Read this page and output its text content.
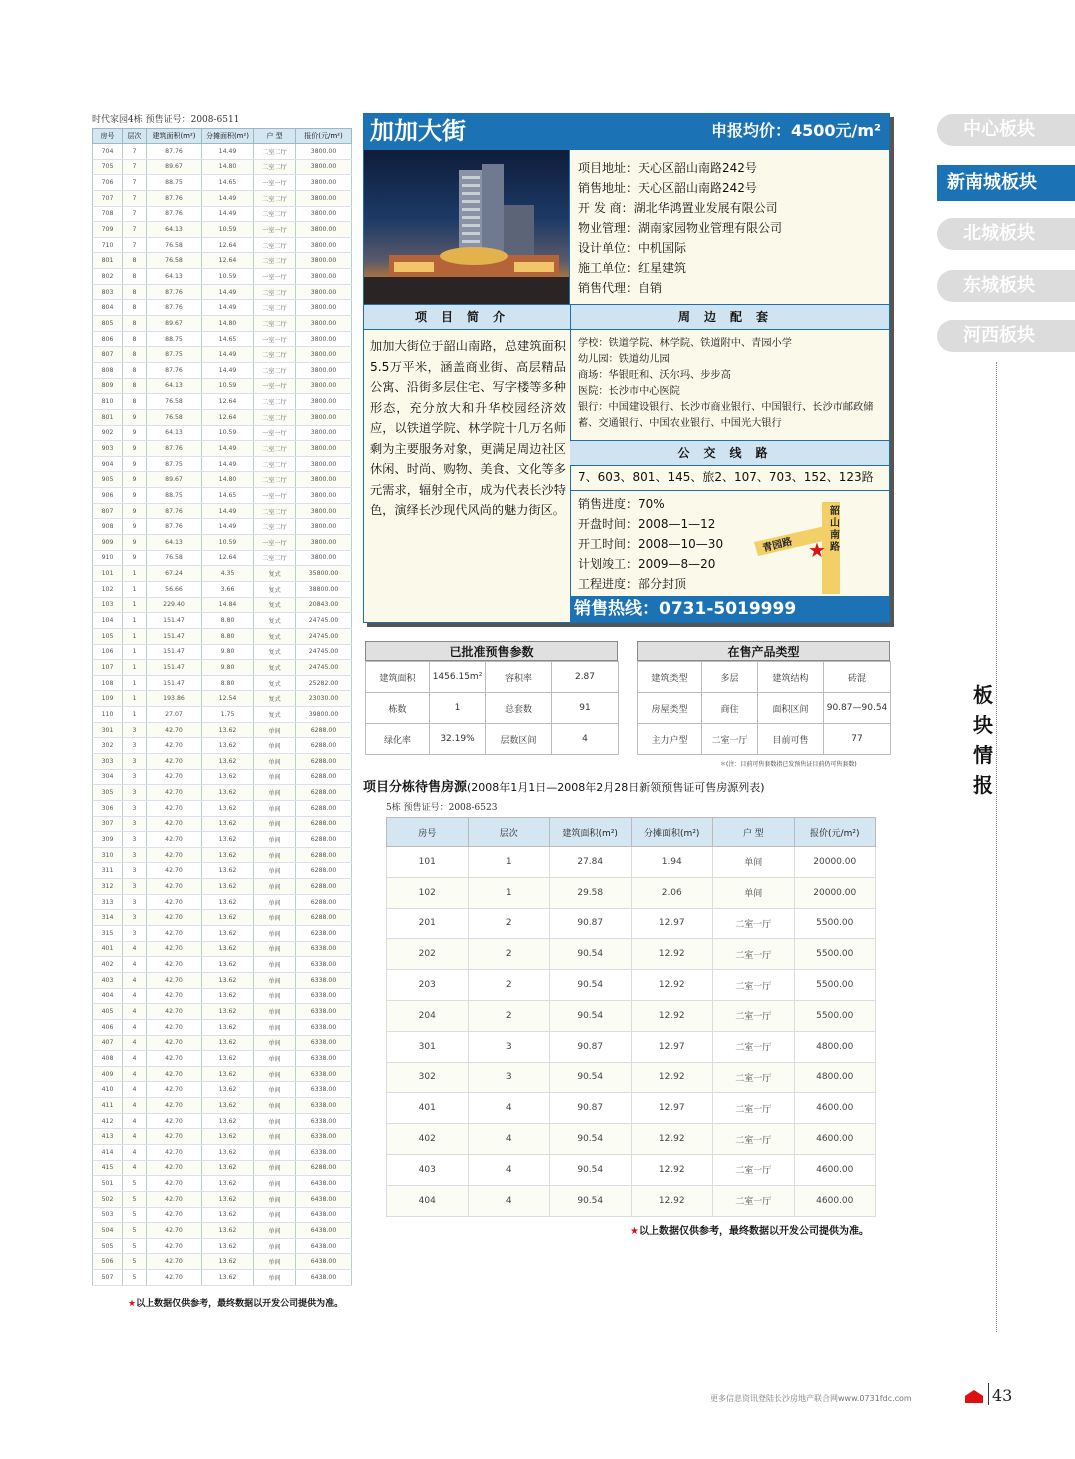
时代家园4栋 预售证号：2008-6511
房号	层次	建筑面积(m²)	分摊面积(m²)	户 型	报价(元/m²)
704	7	87.76	14.49	二室二厅	3800.00
705	7	89.67	14.80	二室二厅	3800.00
706	7	88.75	14.65	一室一厅	3800.00
707	7	87.76	14.49	二室二厅	3800.00
708	7	87.76	14.49	二室二厅	3800.00
709	7	64.13	10.59	一室一厅	3800.00
710	7	76.58	12.64	二室二厅	3800.00
801	8	76.58	12.64	二室二厅	3800.00
802	8	64.13	10.59	一室一厅	3800.00
803	8	87.76	14.49	二室二厅	3800.00
804	8	87.76	14.49	二室二厅	3800.00
805	8	89.67	14.80	二室二厅	3800.00
806	8	88.75	14.65	一室一厅	3800.00
807	8	87.75	14.49	二室二厅	3800.00
808	8	87.76	14.49	二室二厅	3800.00
809	8	64.13	10.59	一室一厅	3800.00
810	8	76.58	12.64	二室二厅	3800.00
801	9	76.58	12.64	二室二厅	3800.00
902	9	64.13	10.59	一室一厅	3800.00
903	9	87.76	14.49	二室二厅	3800.00
904	9	87.75	14.49	二室二厅	3800.00
905	9	89.67	14.80	二室二厅	3800.00
906	9	88.75	14.65	一室一厅	3800.00
807	9	87.76	14.49	二室二厅	3800.00
908	9	87.76	14.49	二室二厅	3800.00
909	9	64.13	10.59	一室一厅	3800.00
910	9	76.58	12.64	二室二厅	3800.00
101	1	67.24	4.35	复式	35800.00
102	1	56.66	3.66	复式	38800.00
103	1	229.40	14.84	复式	20843.00
104	1	151.47	8.80	复式	24745.00
105	1	151.47	8.80	复式	24745.00
106	1	151.47	9.80	复式	24745.00
107	1	151.47	9.80	复式	24745.00
108	1	151.47	8.80	复式	25282.00
109	1	193.86	12.54	复式	23030.00
110	1	27.07	1.75	复式	39800.00
301	3	42.70	13.62	单间	6288.00
302	3	42.70	13.62	单间	6288.00
303	3	42.70	13.62	单间	6288.00
304	3	42.70	13.62	单间	6288.00
305	3	42.70	13.62	单间	6288.00
306	3	42.70	13.62	单间	6288.00
307	3	42.70	13.62	单间	6288.00
309	3	42.70	13.62	单间	6288.00
310	3	42.70	13.62	单间	6288.00
311	3	42.70	13.62	单间	6288.00
312	3	42.70	13.62	单间	6288.00
313	3	42.70	13.62	单间	6288.00
314	3	42.70	13.62	单间	6288.00
315	3	42.70	13.62	单间	6238.00
401	4	42.70	13.62	单间	6338.00
402	4	42.70	13.62	单间	6338.00
403	4	42.70	13.62	单间	6338.00
404	4	42.70	13.62	单间	6338.00
405	4	42.70	13.62	单间	6338.00
406	4	42.70	13.62	单间	6338.00
407	4	42.70	13.62	单间	6338.00
408	4	42.70	13.62	单间	6338.00
409	4	42.70	13.62	单间	6338.00
410	4	42.70	13.62	单间	6338.00
411	4	42.70	13.62	单间	6338.00
412	4	42.70	13.62	单间	6338.00
413	4	42.70	13.62	单间	6338.00
414	4	42.70	13.62	单间	6338.00
415	4	42.70	13.62	单间	6288.00
501	5	42.70	13.62	单间	6438.00
502	5	42.70	13.62	单间	6438.00
503	5	42.70	13.62	单间	6438.00
504	5	42.70	13.62	单间	6438.00
505	5	42.70	13.62	单间	6438.00
506	5	42.70	13.62	单间	6438.00
507	5	42.70	13.62	单间	6438.00
★以上数据仅供参考，最终数据以开发公司提供为准。
加加大街	申报均价：4500元/m²
项目地址：天心区韶山南路242号
销售地址：天心区韶山南路242号
开 发 商：湖北华鸿置业发展有限公司
物业管理：湖南家园物业管理有限公司
设计单位：中机国际
施工单位：红星建筑
销售代理：自销
项目简介	周边配套
加加大街位于韶山南路，总建筑面积5.5万平米，涵盖商业街、高层精品公寓、沿街多层住宅、写字楼等多种形态，充分放大和升华校园经济效应，以铁道学院、林学院十几万名师剩为主要服务对象，更满足周边社区休闲、时尚、购物、美食、文化等多元需求，辐射全市，成为代表长沙特色，演绎长沙现代风尚的魅力街区。
学校：铁道学院、林学院、铁道附中、青园小学
幼儿园：铁道幼儿园
商场：华银旺和、沃尔玛、步步高
医院：长沙市中心医院
银行：中国建设银行、长沙市商业银行、中国银行、长沙市邮政储蓄、交通银行、中国农业银行、中国光大银行
公交线路
7、603、801、145、旅2、107、703、152、123路
销售进度：70%
开盘时间：2008—1—12
开工时间：2008—10—30
计划竣工：2009—8—20
工程进度：部分封顶
青园路
韶山南路
★
销售热线：0731-5019999
已批准预售参数
建筑面积	1456.15m²	容积率	2.87
栋数	1	总套数	91
绿化率	32.19%	层数区间	4
在售产品类型
建筑类型	多层	建筑结构	砖混
房屋类型	商住	面积区间	90.87—90.54
主力户型	二室一厅	目前可售	77
＊(注：目前可售套数指已发预售证目前仍可售套数)
项目分栋待售房源(2008年1月1日—2008年2月28日新领预售证可售房源列表)
5栋 预售证号：2008-6523
房号	层次	建筑面积(m²)	分摊面积(m²)	户 型	报价(元/m²)
101	1	27.84	1.94	单间	20000.00
102	1	29.58	2.06	单间	20000.00
201	2	90.87	12.97	二室一厅	5500.00
202	2	90.54	12.92	二室一厅	5500.00
203	2	90.54	12.92	二室一厅	5500.00
204	2	90.54	12.92	二室一厅	5500.00
301	3	90.87	12.97	二室一厅	4800.00
302	3	90.54	12.92	二室一厅	4800.00
401	4	90.87	12.97	二室一厅	4600.00
402	4	90.54	12.92	二室一厅	4600.00
403	4	90.54	12.92	二室一厅	4600.00
404	4	90.54	12.92	二室一厅	4600.00
★以上数据仅供参考，最终数据以开发公司提供为准。
中心板块
新南城板块
北城板块
东城板块
河西板块
板
块
情
报
更多信息资讯登陆长沙房地产联合网www.0731fdc.com	43
